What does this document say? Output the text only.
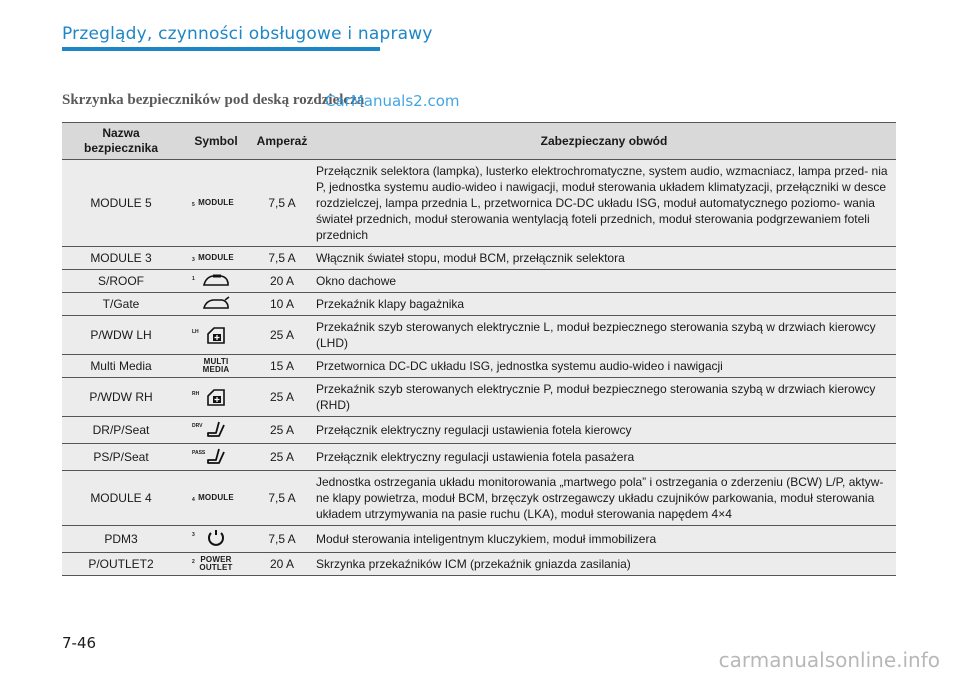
Przeglądy, czynności obsługowe i naprawy
Skrzynka bezpieczników pod deską rozdzielczą
CarManuals2.com
Nazwa bezpiecznika	Symbol	Amperaż	Zabezpieczany obwód
MODULE 5	5 MODULE	7,5 A	Przełącznik selektora (lampka), lusterko elektrochromatyczne, system audio, wzmacniacz, lampa przed- nia P, jednostka systemu audio-wideo i nawigacji, moduł sterowania układem klimatyzacji, przełączniki w desce rozdzielczej, lampa przednia L, przetwornica DC-DC układu ISG, moduł automatycznego poziomo- wania świateł przednich, moduł sterowania wentylacją foteli przednich, moduł sterowania podgrzewaniem foteli przednich
MODULE 3	3 MODULE	7,5 A	Włącznik świateł stopu, moduł BCM, przełącznik selektora
S/ROOF	1	20 A	Okno dachowe
T/Gate		10 A	Przekaźnik klapy bagażnika
P/WDW LH	LH	25 A	Przekaźnik szyb sterowanych elektrycznie L, moduł bezpiecznego sterowania szybą w drzwiach kierowcy (LHD)
Multi Media	MULTI MEDIA	15 A	Przetwornica DC-DC układu ISG, jednostka systemu audio-wideo i nawigacji
P/WDW RH	RH	25 A	Przekaźnik szyb sterowanych elektrycznie P, moduł bezpiecznego sterowania szybą w drzwiach kierowcy (RHD)
DR/P/Seat	DRV	25 A	Przełącznik elektryczny regulacji ustawienia fotela kierowcy
PS/P/Seat	PASS	25 A	Przełącznik elektryczny regulacji ustawienia fotela pasażera
MODULE 4	4 MODULE	7,5 A	Jednostka ostrzegania układu monitorowania „martwego pola” i ostrzegania o zderzeniu (BCW) L/P, aktyw- ne klapy powietrza, moduł BCM, brzęczyk ostrzegawczy układu czujników parkowania, moduł sterowania układem utrzymywania na pasie ruchu (LKA), moduł sterowania napędem 4×4
PDM3	3	7,5 A	Moduł sterowania inteligentnym kluczykiem, moduł immobilizera
P/OUTLET2	2 POWER OUTLET	20 A	Skrzynka przekaźników ICM (przekaźnik gniazda zasilania)
7-46
carmanualsonline.info
